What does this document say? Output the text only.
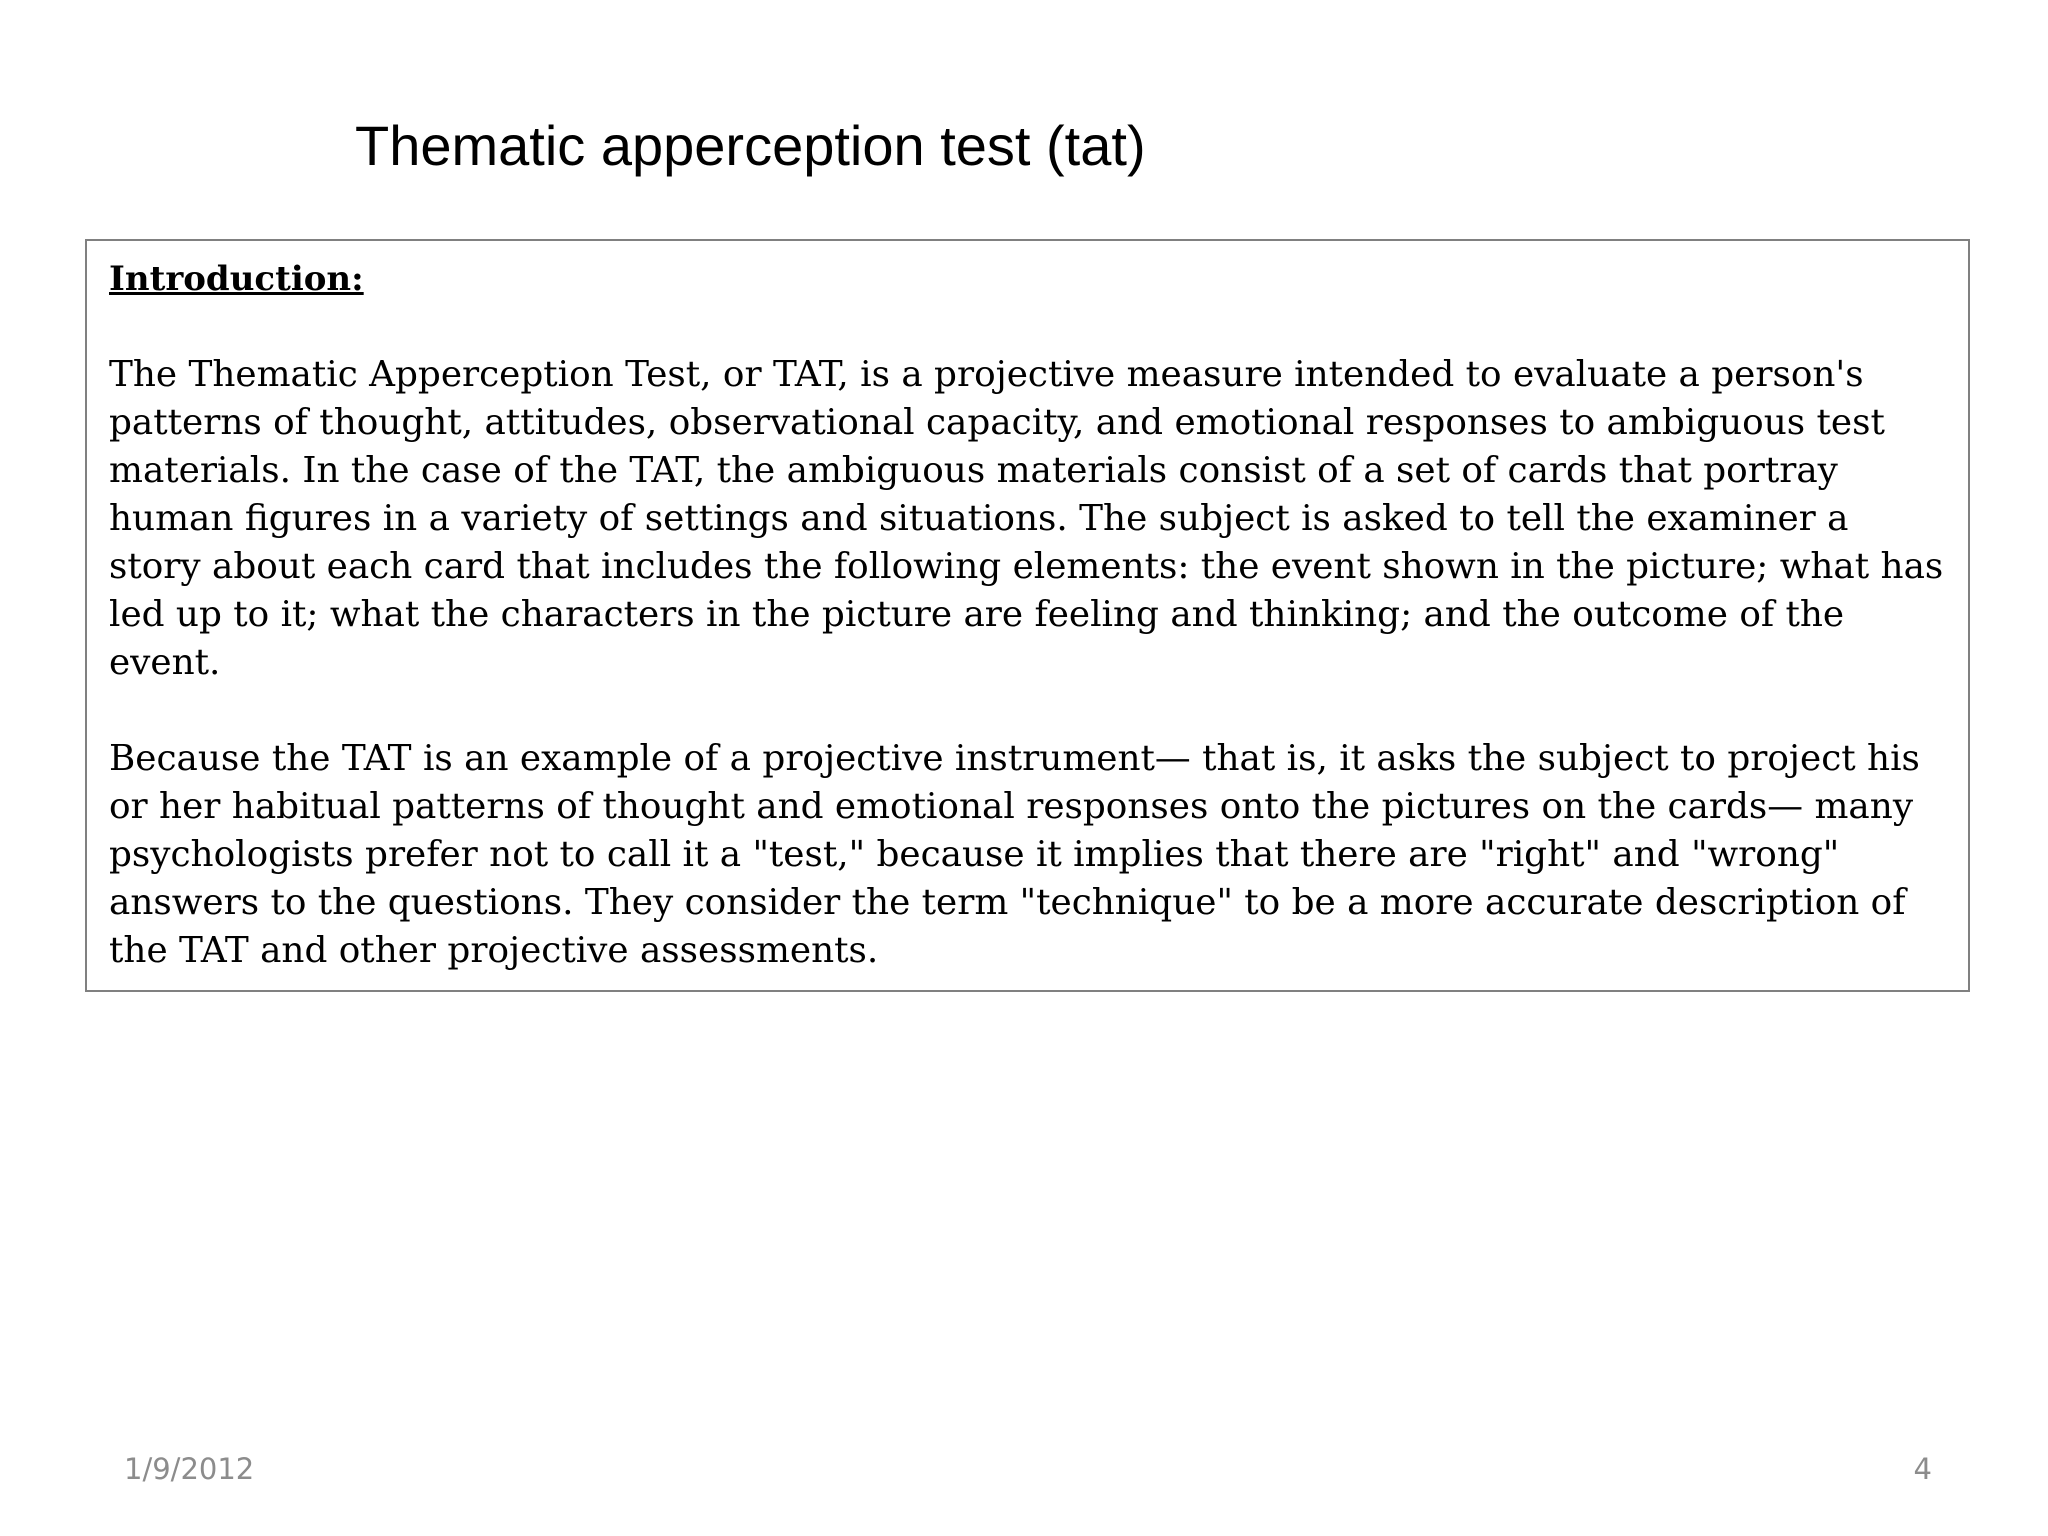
Thematic apperception test (tat)

Introduction:

The Thematic Apperception Test, or TAT, is a projective measure intended to evaluate a person's patterns of thought, attitudes, observational capacity, and emotional responses to ambiguous test materials. In the case of the TAT, the ambiguous materials consist of a set of cards that portray human figures in a variety of settings and situations. The subject is asked to tell the examiner a story about each card that includes the following elements: the event shown in the picture; what has led up to it; what the characters in the picture are feeling and thinking; and the outcome of the event.

Because the TAT is an example of a projective instrument— that is, it asks the subject to project his or her habitual patterns of thought and emotional responses onto the pictures on the cards— many psychologists prefer not to call it a "test," because it implies that there are "right" and "wrong" answers to the questions. They consider the term "technique" to be a more accurate description of the TAT and other projective assessments.

1/9/2012	4
